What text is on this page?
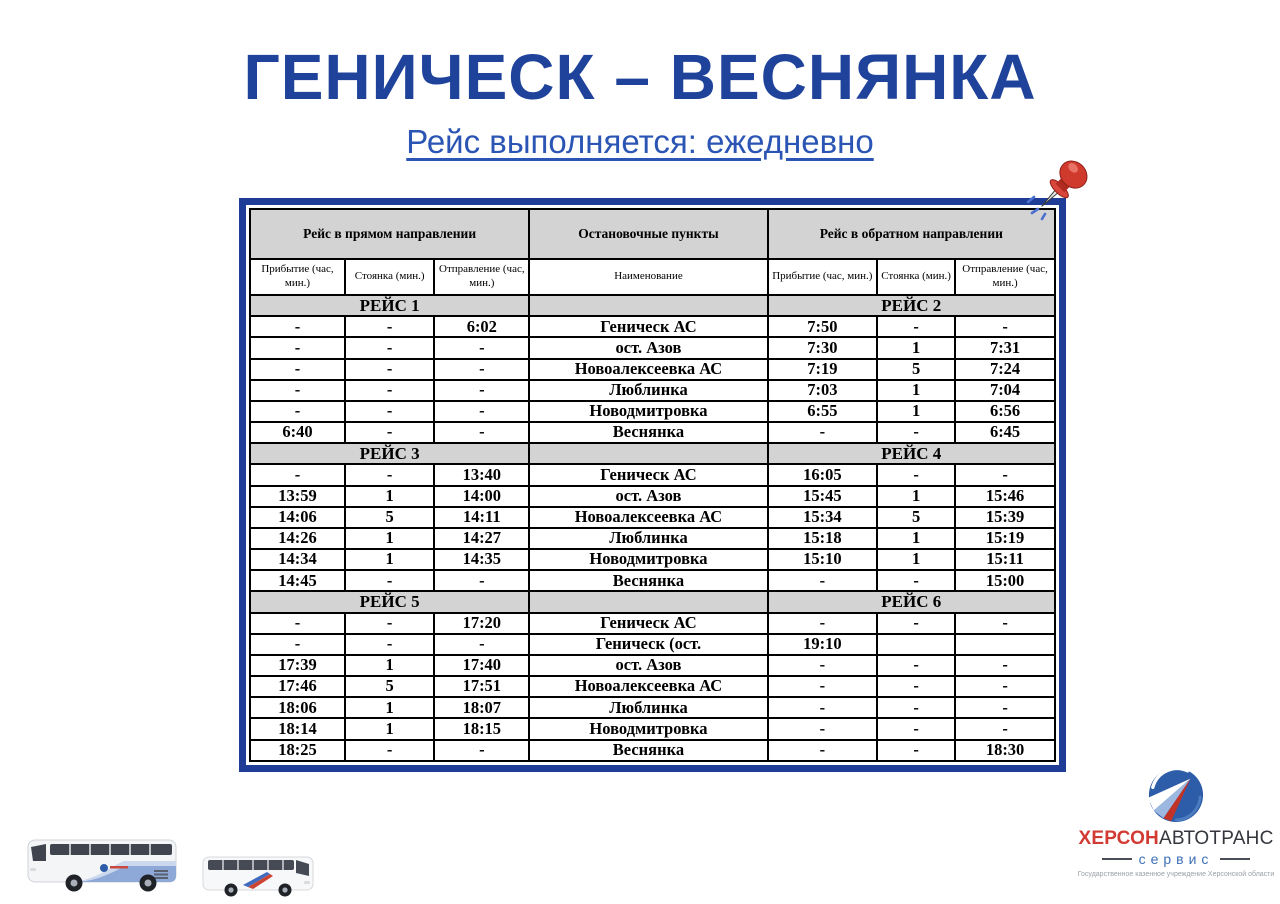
ГЕНИЧЕСК – ВЕСНЯНКА
Рейс выполняется: ежедневно
Рейс в прямом направлении			Остановочные пункты	Рейс в обратном направлении		
Прибытие (час, мин.)	Стоянка (мин.)	Отправление (час, мин.)	Наименование	Прибытие (час, мин.)	Стоянка (мин.)	Отправление (час, мин.)
РЕЙС 1				РЕЙС 2		
-	-	6:02	Геническ АС	7:50	-	-
-	-	-	ост. Азов	7:30	1	7:31
-	-	-	Новоалексеевка АС	7:19	5	7:24
-	-	-	Люблинка	7:03	1	7:04
-	-	-	Новодмитровка	6:55	1	6:56
6:40	-	-	Веснянка	-	-	6:45
РЕЙС 3				РЕЙС 4		
-	-	13:40	Геническ АС	16:05	-	-
13:59	1	14:00	ост. Азов	15:45	1	15:46
14:06	5	14:11	Новоалексеевка АС	15:34	5	15:39
14:26	1	14:27	Люблинка	15:18	1	15:19
14:34	1	14:35	Новодмитровка	15:10	1	15:11
14:45	-	-	Веснянка	-	-	15:00
РЕЙС 5				РЕЙС 6		
-	-	17:20	Геническ АС	-	-	-
-	-	-	Геническ (ост.	19:10		
17:39	1	17:40	ост. Азов	-	-	-
17:46	5	17:51	Новоалексеевка АС	-	-	-
18:06	1	18:07	Люблинка	-	-	-
18:14	1	18:15	Новодмитровка	-	-	-
18:25	-	-	Веснянка	-	-	18:30
ХЕРСОНАВТОТРАНС
сервис
Государственное казенное учреждение Херсонской области
